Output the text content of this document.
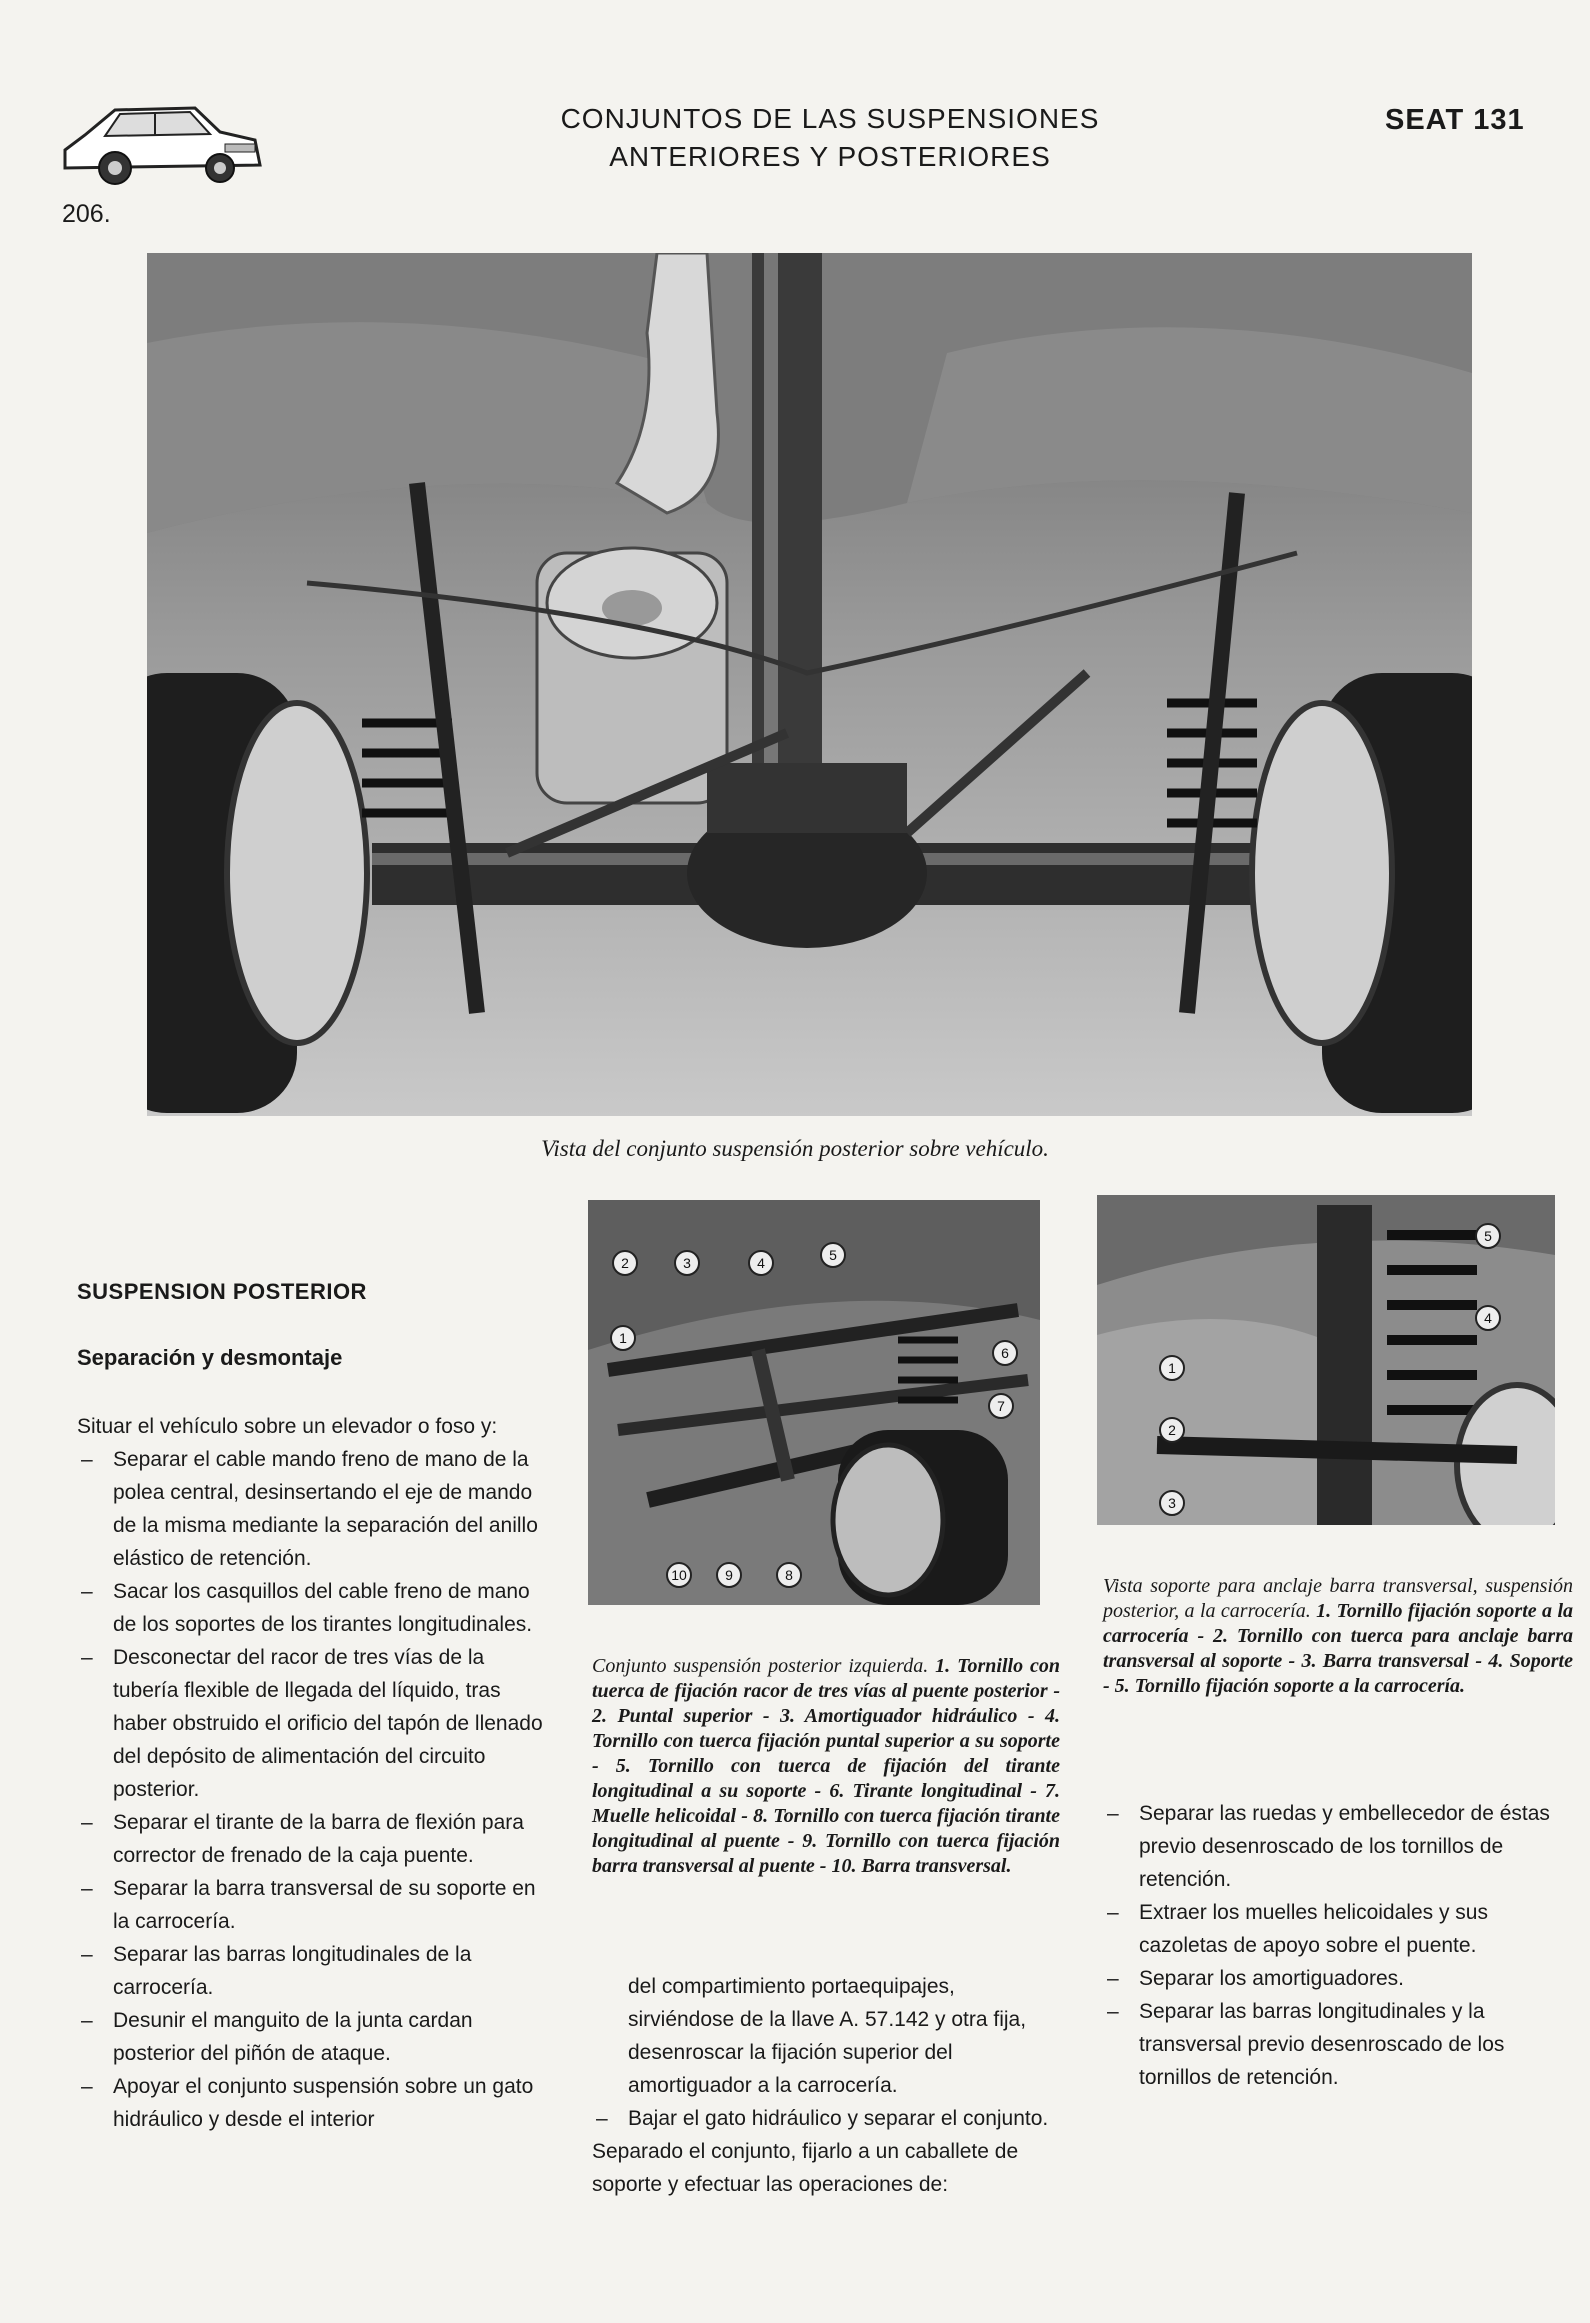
206.
CONJUNTOS DE LAS SUSPENSIONES
ANTERIORES Y POSTERIORES
SEAT 131
Vista del conjunto suspensión posterior sobre vehículo.
SUSPENSION POSTERIOR
Separación y desmontaje

Situar el vehículo sobre un elevador o foso y:

– Separar el cable mando freno de mano de la polea central, desinsertando el eje de mando de la misma mediante la separación del anillo elástico de retención.
– Sacar los casquillos del cable freno de mano de los soportes de los tirantes longitudinales.
– Desconectar del racor de tres vías de la tubería flexible de llegada del líquido, tras haber obstruido el orificio del tapón de llenado del depósito de alimentación del circuito posterior.
– Separar el tirante de la barra de flexión para corrector de frenado de la caja puente.
– Separar la barra transversal de su soporte en la carrocería.
– Separar las barras longitudinales de la carrocería.
– Desunir el manguito de la junta cardan posterior del piñón de ataque.
– Apoyar el conjunto suspensión sobre un gato hidráulico y desde el interior
2	3	4	5
1
6
7
10	9	8
Conjunto suspensión posterior izquierda. 1. Tornillo con tuerca de fijación racor de tres vías al puente posterior - 2. Puntal superior - 3. Amortiguador hidráulico - 4. Tornillo con tuerca fijación puntal superior a su soporte - 5. Tornillo con tuerca de fijación del tirante longitudinal a su soporte - 6. Tirante longitudinal - 7. Muelle helicoidal - 8. Tornillo con tuerca fijación tirante longitudinal al puente - 9. Tornillo con tuerca fijación barra transversal al puente - 10. Barra transversal.

del compartimiento portaequipajes, sirviéndose de la llave A. 57.142 y otra fija, desenroscar la fijación superior del amortiguador a la carrocería.

– Bajar el gato hidráulico y separar el conjunto.

Separado el conjunto, fijarlo a un caballete de soporte y efectuar las operaciones de:

5
4
1
2
3
Vista soporte para anclaje barra transversal, suspensión posterior, a la carrocería. 1. Tornillo fijación soporte a la carrocería - 2. Tornillo con tuerca para anclaje barra transversal al soporte - 3. Barra transversal - 4. Soporte - 5. Tornillo fijación soporte a la carrocería.
– Separar las ruedas y embellecedor de éstas previo desenroscado de los tornillos de retención.
– Extraer los muelles helicoidales y sus cazoletas de apoyo sobre el puente.
– Separar los amortiguadores.
– Separar las barras longitudinales y la transversal previo desenroscado de los tornillos de retención.
